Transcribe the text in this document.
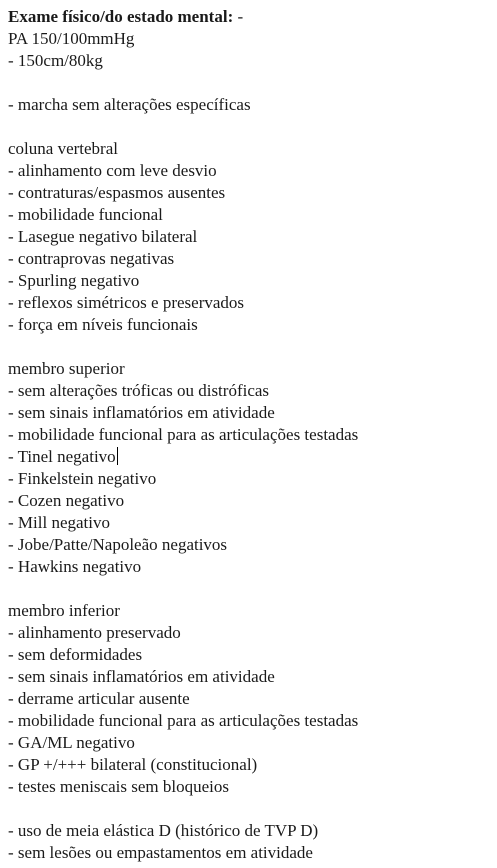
Exame físico/do estado mental: -
PA 150/100mmHg
- 150cm/80kg
- marcha sem alterações específicas
coluna vertebral
- alinhamento com leve desvio
- contraturas/espasmos ausentes
- mobilidade funcional
- Lasegue negativo bilateral
- contraprovas negativas
- Spurling negativo
- reflexos simétricos e preservados
- força em níveis funcionais
membro superior
- sem alterações tróficas ou distróficas
- sem sinais inflamatórios em atividade
- mobilidade funcional para as articulações testadas
- Tinel negativo
- Finkelstein negativo
- Cozen negativo
- Mill negativo
- Jobe/Patte/Napoleão negativos
- Hawkins negativo
membro inferior
- alinhamento preservado
- sem deformidades
- sem sinais inflamatórios em atividade
- derrame articular ausente
- mobilidade funcional para as articulações testadas
- GA/ML negativo
- GP +/+++ bilateral (constitucional)
- testes meniscais sem bloqueios
- uso de meia elástica D (histórico de TVP D)
- sem lesões ou empastamentos em atividade
